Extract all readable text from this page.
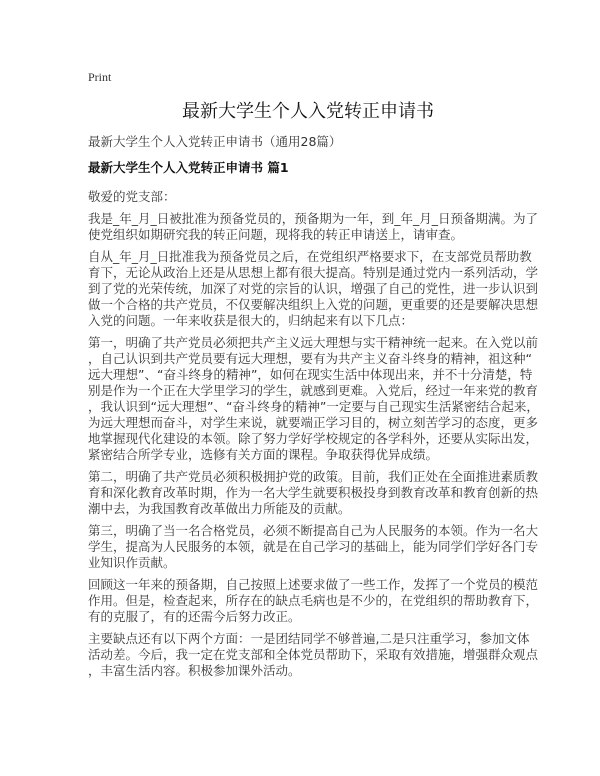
Print
最新大学生个人入党转正申请书
最新大学生个人入党转正申请书（通用28篇）
最新大学生个人入党转正申请书 篇1
敬爱的党支部：
我是_年_月_日被批准为预备党员的，预备期为一年，到_年_月_日预备期满。为了
使党组织如期研究我的转正问题，现将我的转正申请送上，请审查。
自从_年_月_日批准我为预备党员之后，在党组织严格要求下，在支部党员帮助教
育下，无论从政治上还是从思想上都有很大提高。特别是通过党内一系列活动，学
到了党的光荣传统，加深了对党的宗旨的认识，增强了自己的党性，进一步认识到
做一个合格的共产党员，不仅要解决组织上入党的问题，更重要的还是要解决思想
入党的问题。一年来收获是很大的，归纳起来有以下几点：
第一，明确了共产党员必须把共产主义远大理想与实干精神统一起来。在入党以前
，自己认识到共产党员要有远大理想，要有为共产主义奋斗终身的精神，祖这种“
远大理想”、“奋斗终身的精神”，如何在现实生活中体现出来，并不十分清楚，特
别是作为一个正在大学里学习的学生，就感到更难。入党后，经过一年来党的教育
，我认识到“远大理想”、“奋斗终身的精神”一定要与自己现实生活紧密结合起来，
为远大理想而奋斗，对学生来说，就要端正学习目的，树立刻苦学习的态度，更多
地掌握现代化建设的本领。除了努力学好学校规定的各学科外，还要从实际出发，
紧密结合所学专业，选修有关方面的课程。争取获得优异成绩。
第二，明确了共产党员必须积极拥护党的政策。目前，我们正处在全面推进素质教
育和深化教育改革时期，作为一名大学生就要积极投身到教育改革和教育创新的热
潮中去，为我国教育改革做出力所能及的贡献。
第三，明确了当一名合格党员，必须不断提高自己为人民服务的本领。作为一名大
学生，提高为人民服务的本领，就是在自己学习的基础上，能为同学们学好各门专
业知识作贡献。
回顾这一年来的预备期，自己按照上述要求做了一些工作，发挥了一个党员的模范
作用。但是，检查起来，所存在的缺点毛病也是不少的，在党组织的帮助教育下，
有的克服了，有的还需今后努力改正。
主要缺点还有以下两个方面：一是团结同学不够普遍,二是只注重学习，参加文体
活动差。今后，我一定在党支部和全体党员帮助下，采取有效措施，增强群众观点
，丰富生活内容。积极参加课外活动。
